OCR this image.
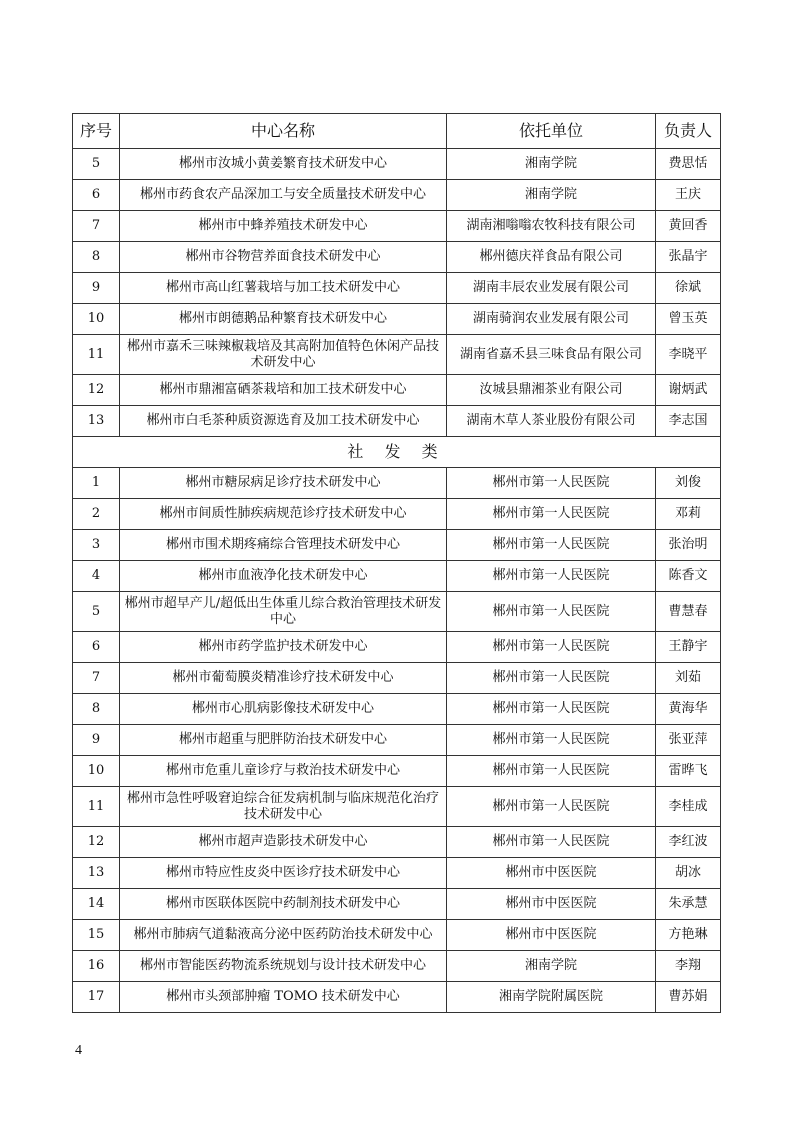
序号	中心名称	依托单位	负责人
5	郴州市汝城小黄姜繁育技术研发中心	湘南学院	费思恬
6	郴州市药食农产品深加工与安全质量技术研发中心	湘南学院	王庆
7	郴州市中蜂养殖技术研发中心	湖南湘嗡嗡农牧科技有限公司	黄回香
8	郴州市谷物营养面食技术研发中心	郴州德庆祥食品有限公司	张晶宇
9	郴州市高山红薯栽培与加工技术研发中心	湖南丰辰农业发展有限公司	徐斌
10	郴州市朗德鹅品种繁育技术研发中心	湖南骑润农业发展有限公司	曾玉英
11	郴州市嘉禾三味辣椒栽培及其高附加值特色休闲产品技术研发中心	湖南省嘉禾县三味食品有限公司	李晓平
12	郴州市鼎湘富硒茶栽培和加工技术研发中心	汝城县鼎湘茶业有限公司	谢炳武
13	郴州市白毛茶种质资源选育及加工技术研发中心	湖南木草人茶业股份有限公司	李志国
社 发 类			
1	郴州市糖尿病足诊疗技术研发中心	郴州市第一人民医院	刘俊
2	郴州市间质性肺疾病规范诊疗技术研发中心	郴州市第一人民医院	邓莉
3	郴州市围术期疼痛综合管理技术研发中心	郴州市第一人民医院	张治明
4	郴州市血液净化技术研发中心	郴州市第一人民医院	陈香文
5	郴州市超早产儿/超低出生体重儿综合救治管理技术研发中心	郴州市第一人民医院	曹慧春
6	郴州市药学监护技术研发中心	郴州市第一人民医院	王静宇
7	郴州市葡萄膜炎精准诊疗技术研发中心	郴州市第一人民医院	刘茹
8	郴州市心肌病影像技术研发中心	郴州市第一人民医院	黄海华
9	郴州市超重与肥胖防治技术研发中心	郴州市第一人民医院	张亚萍
10	郴州市危重儿童诊疗与救治技术研发中心	郴州市第一人民医院	雷晔飞
11	郴州市急性呼吸窘迫综合征发病机制与临床规范化治疗技术研发中心	郴州市第一人民医院	李桂成
12	郴州市超声造影技术研发中心	郴州市第一人民医院	李红波
13	郴州市特应性皮炎中医诊疗技术研发中心	郴州市中医医院	胡冰
14	郴州市医联体医院中药制剂技术研发中心	郴州市中医医院	朱承慧
15	郴州市肺病气道黏液高分泌中医药防治技术研发中心	郴州市中医医院	方艳琳
16	郴州市智能医药物流系统规划与设计技术研发中心	湘南学院	李翔
17	郴州市头颈部肿瘤 TOMO 技术研发中心	湘南学院附属医院	曹苏娟
4
